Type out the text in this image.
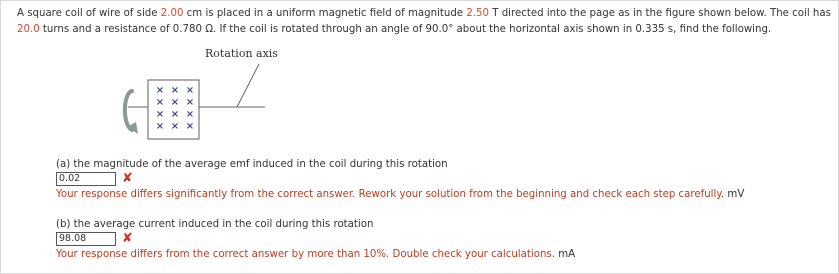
A square coil of wire of side 2.00 cm is placed in a uniform magnetic field of magnitude 2.50 T directed into the page as in the figure shown below. The coil has 20.0 turns and a resistance of 0.780 Ω. If the coil is rotated through an angle of 90.0° about the horizontal axis shown in 0.335 s, find the following.
Rotation axis
× × ×
× × ×
× × ×
× × ×
(a) the magnitude of the average emf induced in the coil during this rotation
0.02	✘
Your response differs significantly from the correct answer. Rework your solution from the beginning and check each step carefully. mV
(b) the average current induced in the coil during this rotation
98.08	✘
Your response differs from the correct answer by more than 10%. Double check your calculations. mA
